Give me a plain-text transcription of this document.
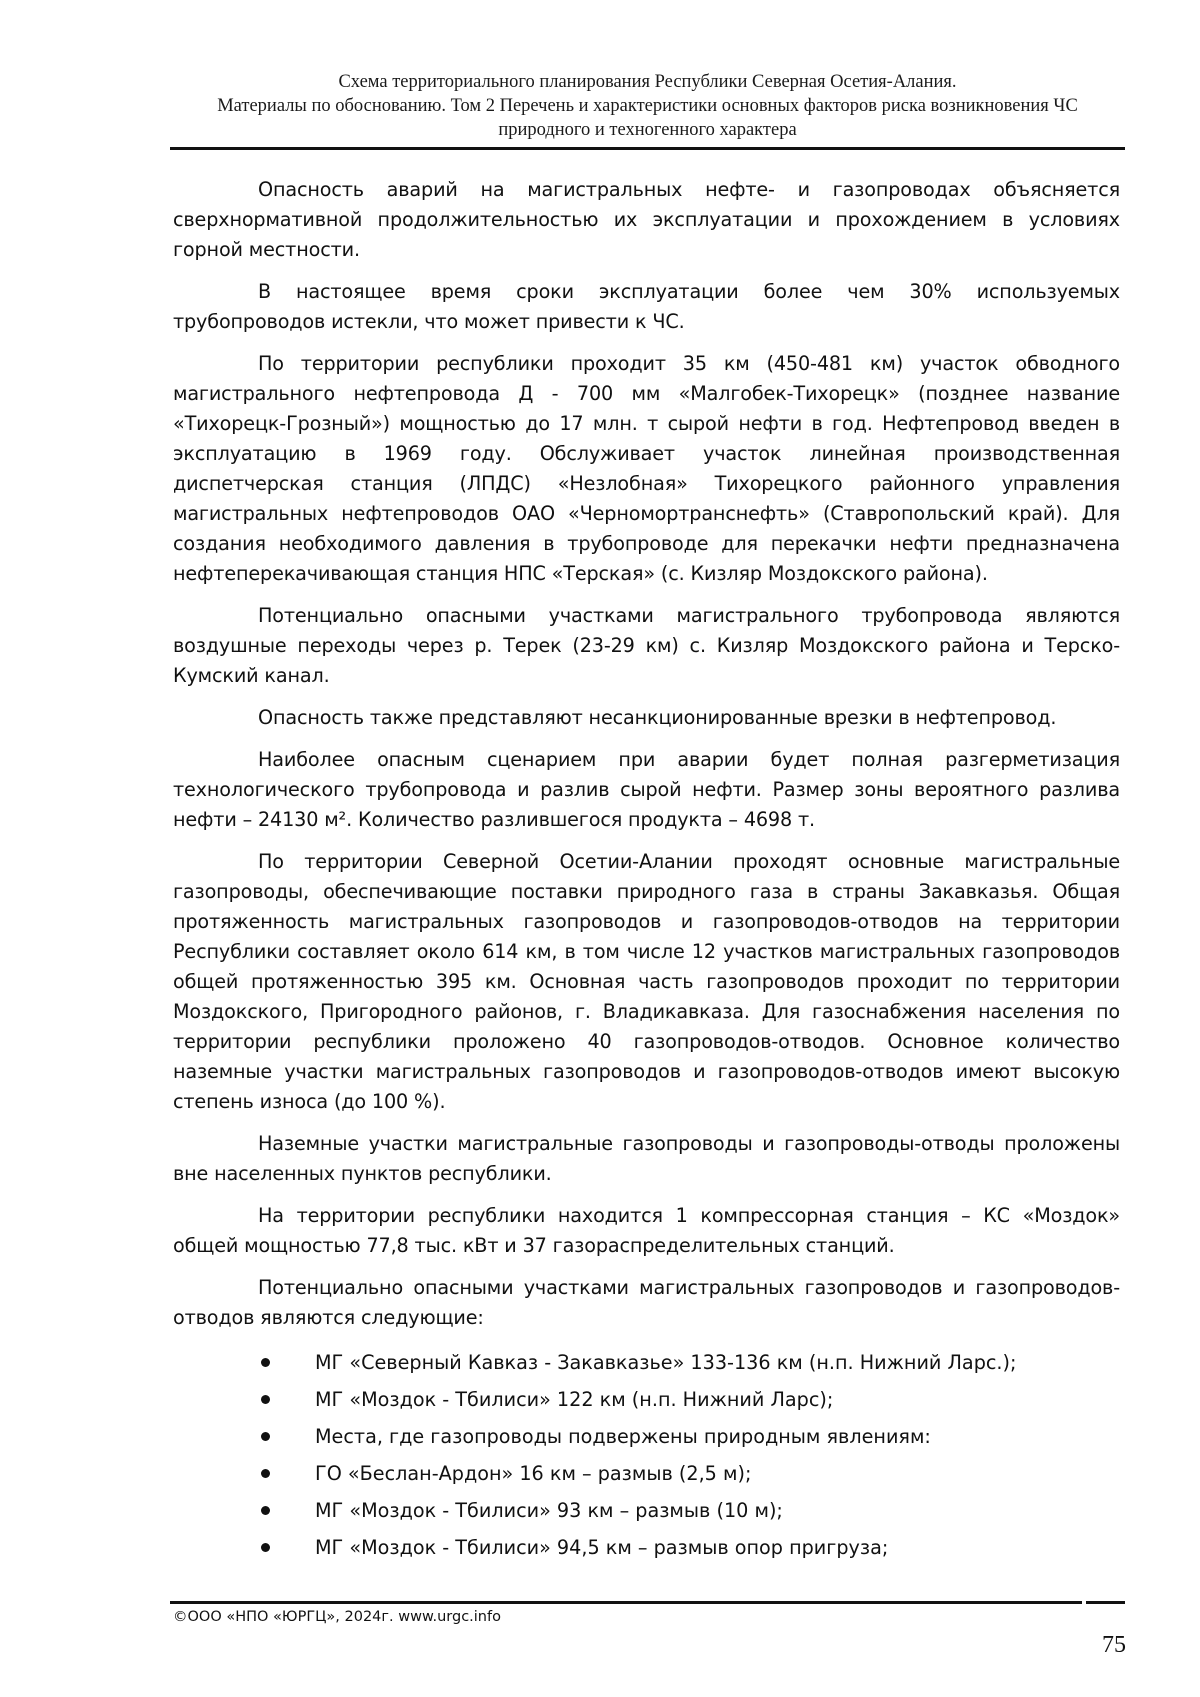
Схема территориального планирования Республики Северная Осетия-Алания.
Материалы по обоснованию. Том 2 Перечень и характеристики основных факторов риска возникновения ЧС
природного и техногенного характера

Опасность аварий на магистральных нефте- и газопроводах объясняется сверхнормативной продолжительностью их эксплуатации и прохождением в условиях горной местности.

В настоящее время сроки эксплуатации более чем 30% используемых трубопроводов истекли, что может привести к ЧС.

По территории республики проходит 35 км (450-481 км) участок обводного магистрального нефтепровода Д - 700 мм «Малгобек-Тихорецк» (позднее название «Тихорецк-Грозный») мощностью до 17 млн. т сырой нефти в год. Нефтепровод введен в эксплуатацию в 1969 году. Обслуживает участок линейная производственная диспетчерская станция (ЛПДС) «Незлобная» Тихорецкого районного управления магистральных нефтепроводов ОАО «Черномортранснефть» (Ставропольский край). Для создания необходимого давления в трубопроводе для перекачки нефти предназначена нефтеперекачивающая станция НПС «Терская» (с. Кизляр Моздокского района).

Потенциально опасными участками магистрального трубопровода являются воздушные переходы через р. Терек (23-29 км) с. Кизляр Моздокского района и Терско-Кумский канал.

Опасность также представляют несанкционированные врезки в нефтепровод.

Наиболее опасным сценарием при аварии будет полная разгерметизация технологического трубопровода и разлив сырой нефти. Размер зоны вероятного разлива нефти – 24130 м². Количество разлившегося продукта – 4698 т.

По территории Северной Осетии-Алании проходят основные магистральные газопроводы, обеспечивающие поставки природного газа в страны Закавказья. Общая протяженность магистральных газопроводов и газопроводов-отводов на территории Республики составляет около 614 км, в том числе 12 участков магистральных газопроводов общей протяженностью 395 км. Основная часть газопроводов проходит по территории Моздокского, Пригородного районов, г. Владикавказа. Для газоснабжения населения по территории республики проложено 40 газопроводов-отводов. Основное количество наземные участки магистральных газопроводов и газопроводов-отводов имеют высокую степень износа (до 100 %).

Наземные участки магистральные газопроводы и газопроводы-отводы проложены вне населенных пунктов республики.

На территории республики находится 1 компрессорная станция – КС «Моздок» общей мощностью 77,8 тыс. кВт и 37 газораспределительных станций.

Потенциально опасными участками магистральных газопроводов и газопроводов-отводов являются следующие:

МГ «Северный Кавказ - Закавказье» 133-136 км (н.п. Нижний Ларс.);
МГ «Моздок - Тбилиси» 122 км (н.п. Нижний Ларс);
Места, где газопроводы подвержены природным явлениям:
ГО «Беслан-Ардон» 16 км – размыв (2,5 м);
МГ «Моздок - Тбилиси» 93 км – размыв (10 м);
МГ «Моздок - Тбилиси» 94,5 км – размыв опор пригруза;
©ООО «НПО «ЮРГЦ», 2024г. www.urgc.info
75
